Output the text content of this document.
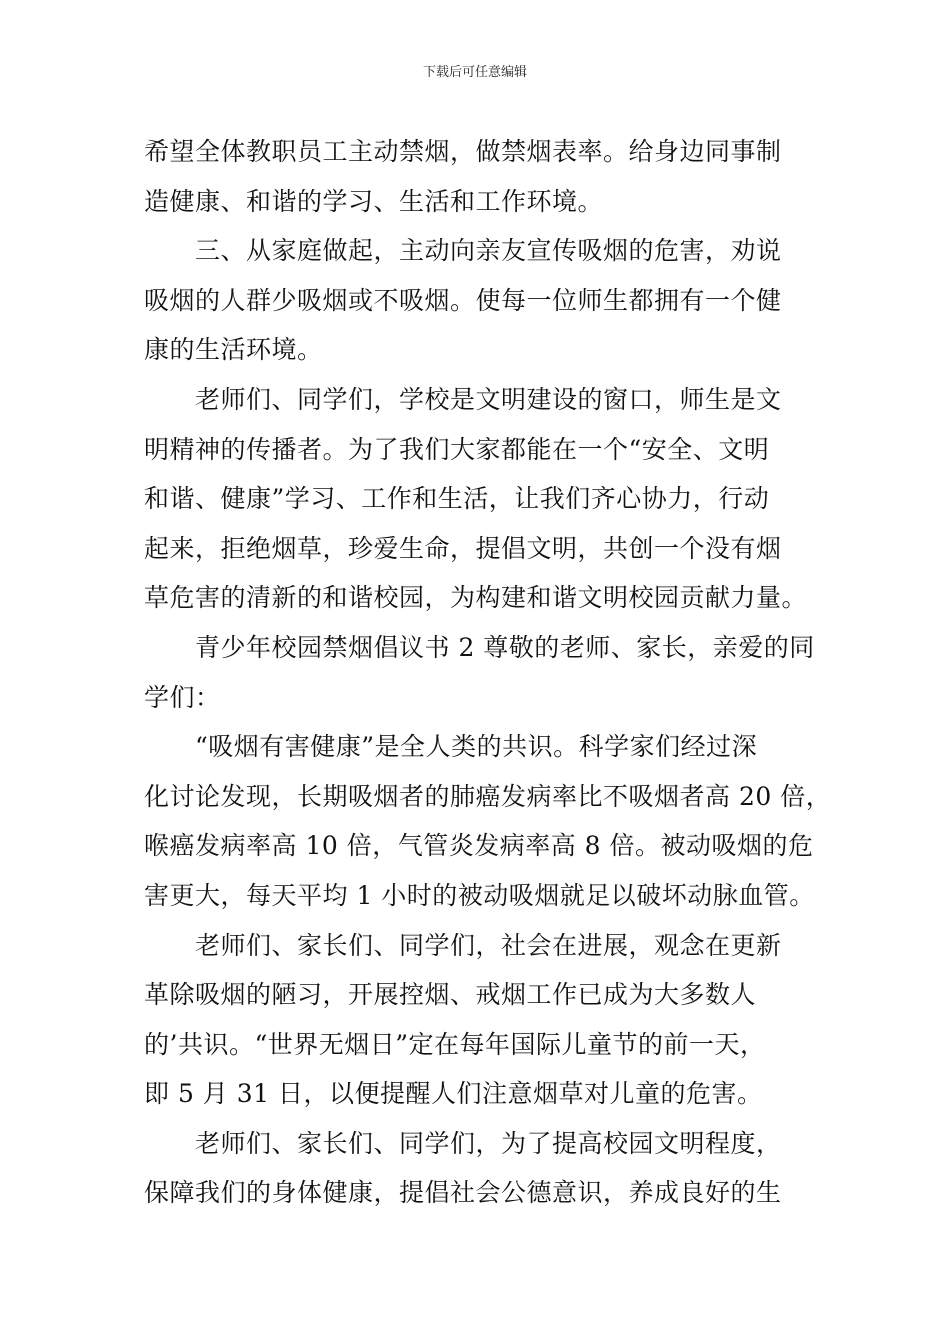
下载后可任意编辑
希望全体教职员工主动禁烟，做禁烟表率。给身边同事制
造健康、和谐的学习、生活和工作环境。
　　三、从家庭做起，主动向亲友宣传吸烟的危害，劝说
吸烟的人群少吸烟或不吸烟。使每一位师生都拥有一个健
康的生活环境。
　　老师们、同学们，学校是文明建设的窗口，师生是文
明精神的传播者。为了我们大家都能在一个“安全、文明
和谐、健康”学习、工作和生活，让我们齐心协力，行动
起来，拒绝烟草，珍爱生命，提倡文明，共创一个没有烟
草危害的清新的和谐校园，为构建和谐文明校园贡献力量。
　　青少年校园禁烟倡议书 2 尊敬的老师、家长，亲爱的同
学们：
　　“吸烟有害健康”是全人类的共识。科学家们经过深
化讨论发现，长期吸烟者的肺癌发病率比不吸烟者高 20 倍，
喉癌发病率高 10 倍，气管炎发病率高 8 倍。被动吸烟的危
害更大，每天平均 1 小时的被动吸烟就足以破坏动脉血管。
　　老师们、家长们、同学们，社会在进展，观念在更新
革除吸烟的陋习，开展控烟、戒烟工作已成为大多数人
的’共识。“世界无烟日”定在每年国际儿童节的前一天，
即 5 月 31 日，以便提醒人们注意烟草对儿童的危害。
　　老师们、家长们、同学们，为了提高校园文明程度，
保障我们的身体健康，提倡社会公德意识，养成良好的生
